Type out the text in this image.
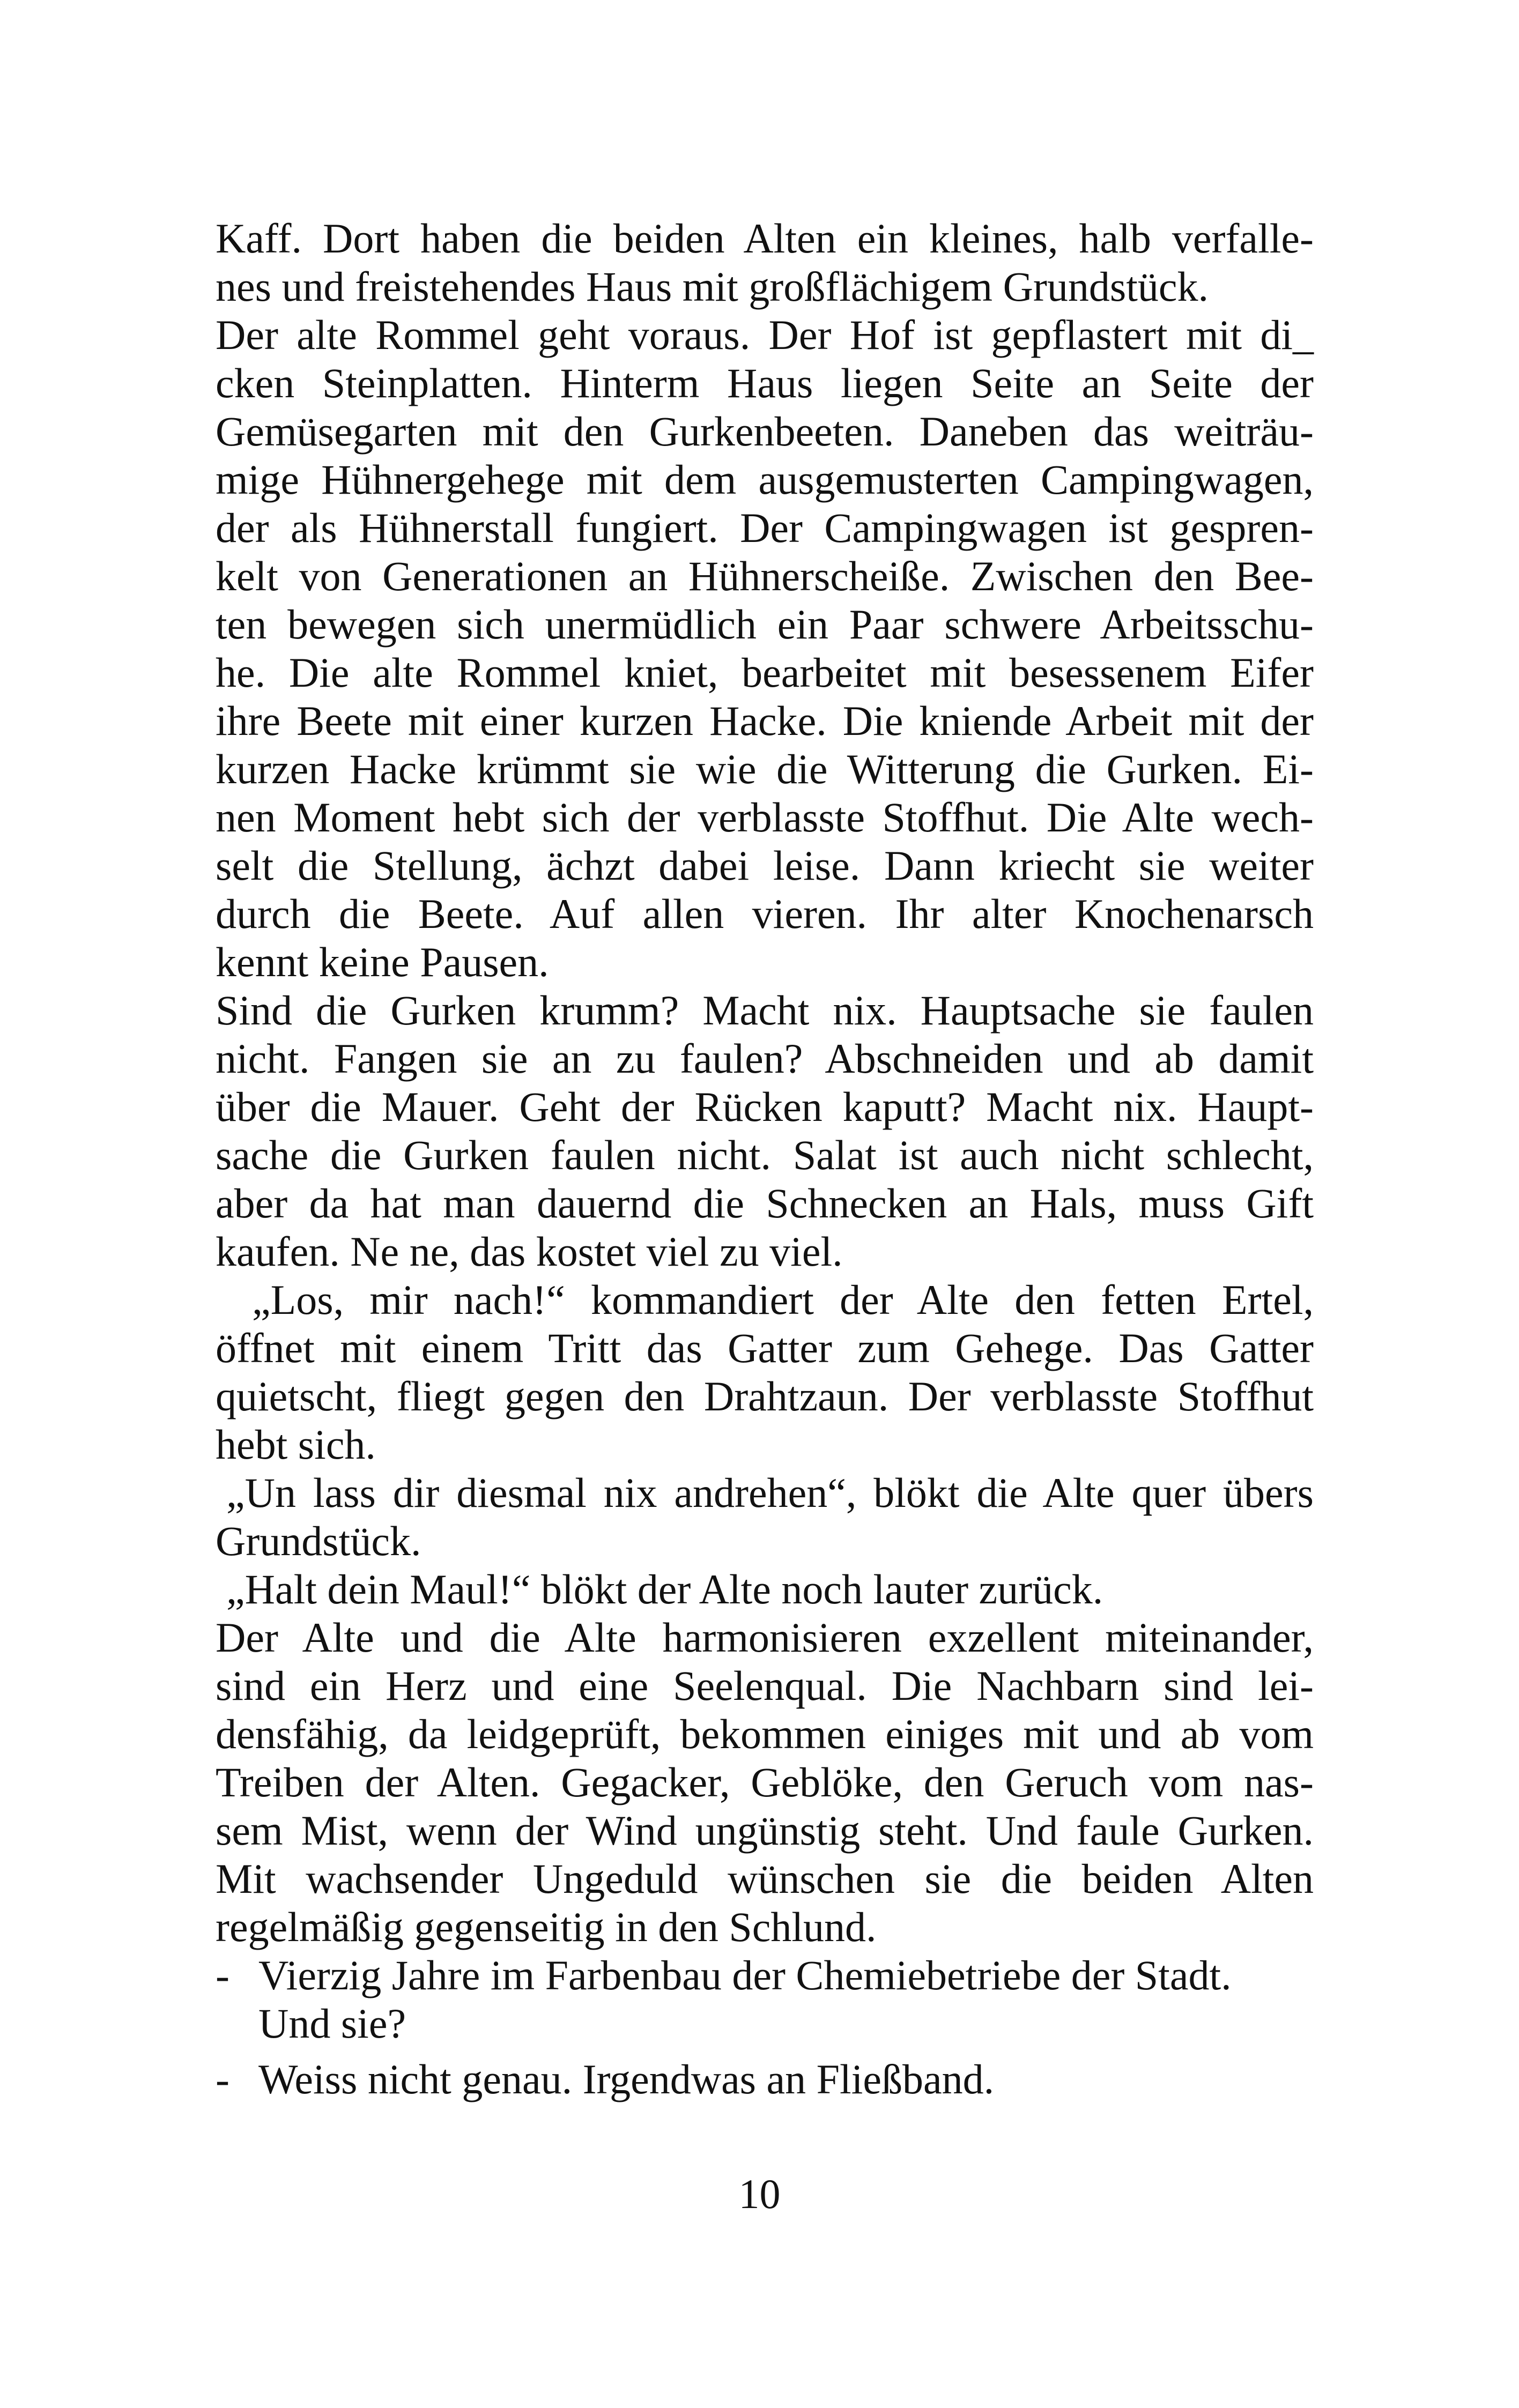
Kaff. Dort haben die beiden Alten ein kleines, halb verfalle-
nes und freistehendes Haus mit großflächigem Grundstück.
Der alte Rommel geht voraus. Der Hof ist gepflastert mit di_
cken Steinplatten. Hinterm Haus liegen Seite an Seite der
Gemüsegarten mit den Gurkenbeeten. Daneben das weiträu-
mige Hühnergehege mit dem ausgemusterten Campingwagen,
der als Hühnerstall fungiert. Der Campingwagen ist gespren-
kelt von Generationen an Hühnerscheiße. Zwischen den Bee-
ten bewegen sich unermüdlich ein Paar schwere Arbeitsschu-
he. Die alte Rommel kniet, bearbeitet mit besessenem Eifer
ihre Beete mit einer kurzen Hacke. Die kniende Arbeit mit der
kurzen Hacke krümmt sie wie die Witterung die Gurken. Ei-
nen Moment hebt sich der verblasste Stoffhut. Die Alte wech-
selt die Stellung, ächzt dabei leise. Dann kriecht sie weiter
durch die Beete. Auf allen vieren. Ihr alter Knochenarsch
kennt keine Pausen.
Sind die Gurken krumm? Macht nix. Hauptsache sie faulen
nicht. Fangen sie an zu faulen? Abschneiden und ab damit
über die Mauer. Geht der Rücken kaputt? Macht nix. Haupt-
sache die Gurken faulen nicht. Salat ist auch nicht schlecht,
aber da hat man dauernd die Schnecken an Hals, muss Gift
kaufen. Ne ne, das kostet viel zu viel.
„Los, mir nach!“ kommandiert der Alte den fetten Ertel,
öffnet mit einem Tritt das Gatter zum Gehege. Das Gatter
quietscht, fliegt gegen den Drahtzaun. Der verblasste Stoffhut
hebt sich.
„Un lass dir diesmal nix andrehen“, blökt die Alte quer übers
Grundstück.
„Halt dein Maul!“ blökt der Alte noch lauter zurück.
Der Alte und die Alte harmonisieren exzellent miteinander,
sind ein Herz und eine Seelenqual. Die Nachbarn sind lei-
densfähig, da leidgeprüft, bekommen einiges mit und ab vom
Treiben der Alten. Gegacker, Geblöke, den Geruch vom nas-
sem Mist, wenn der Wind ungünstig steht. Und faule Gurken.
Mit wachsender Ungeduld wünschen sie die beiden Alten
regelmäßig gegenseitig in den Schlund.
- Vierzig Jahre im Farbenbau der Chemiebetriebe der Stadt.
Und sie?
- Weiss nicht genau. Irgendwas an Fließband.
10
